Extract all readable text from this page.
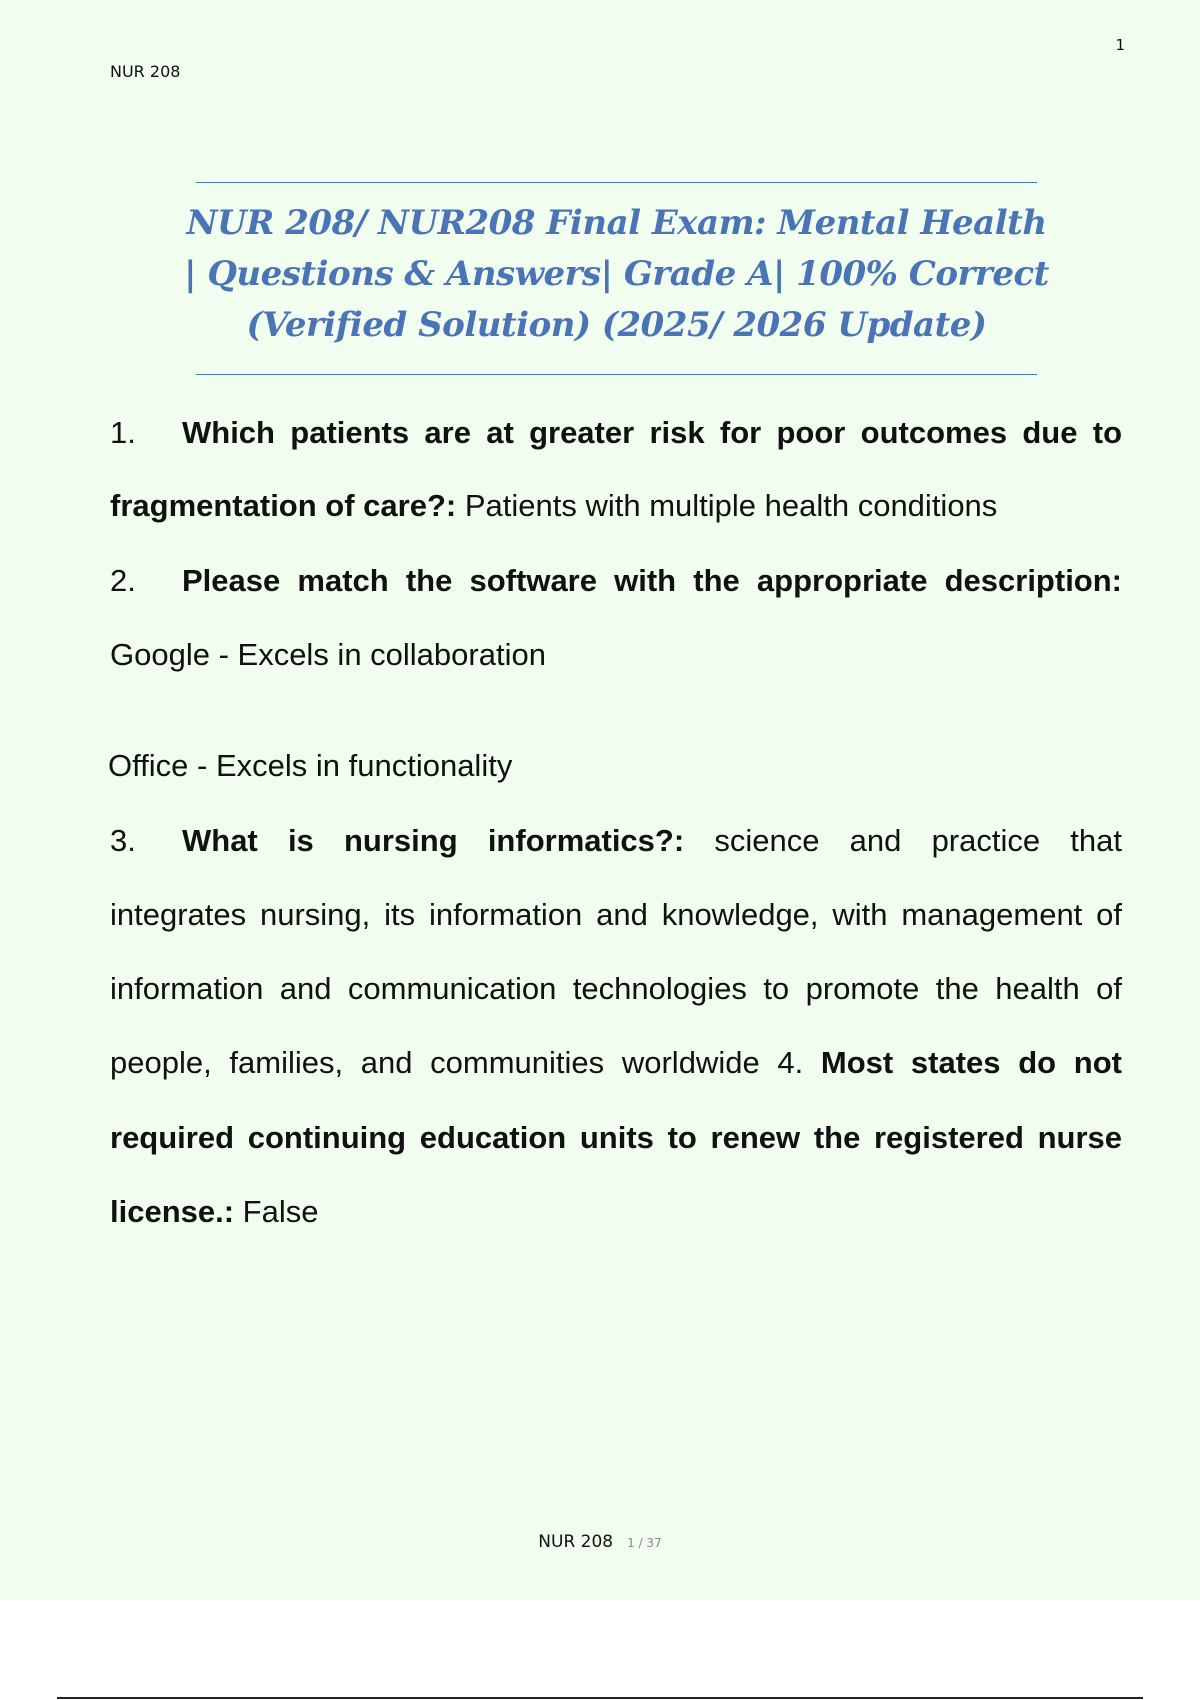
1
NUR 208
NUR 208/ NUR208 Final Exam: Mental Health
| Questions & Answers| Grade A| 100% Correct
(Verified Solution) (2025/ 2026 Update)
1. Which patients are at greater risk for poor outcomes due to
fragmentation of care?: Patients with multiple health conditions
2. Please match the software with the appropriate description:
Google - Excels in collaboration
Office - Excels in functionality
3. What is nursing informatics?: science and practice that
integrates nursing, its information and knowledge, with management of
information and communication technologies to promote the health of
people, families, and communities worldwide 4. Most states do not
required continuing education units to renew the registered nurse
license.: False
NUR 208 1 / 37
